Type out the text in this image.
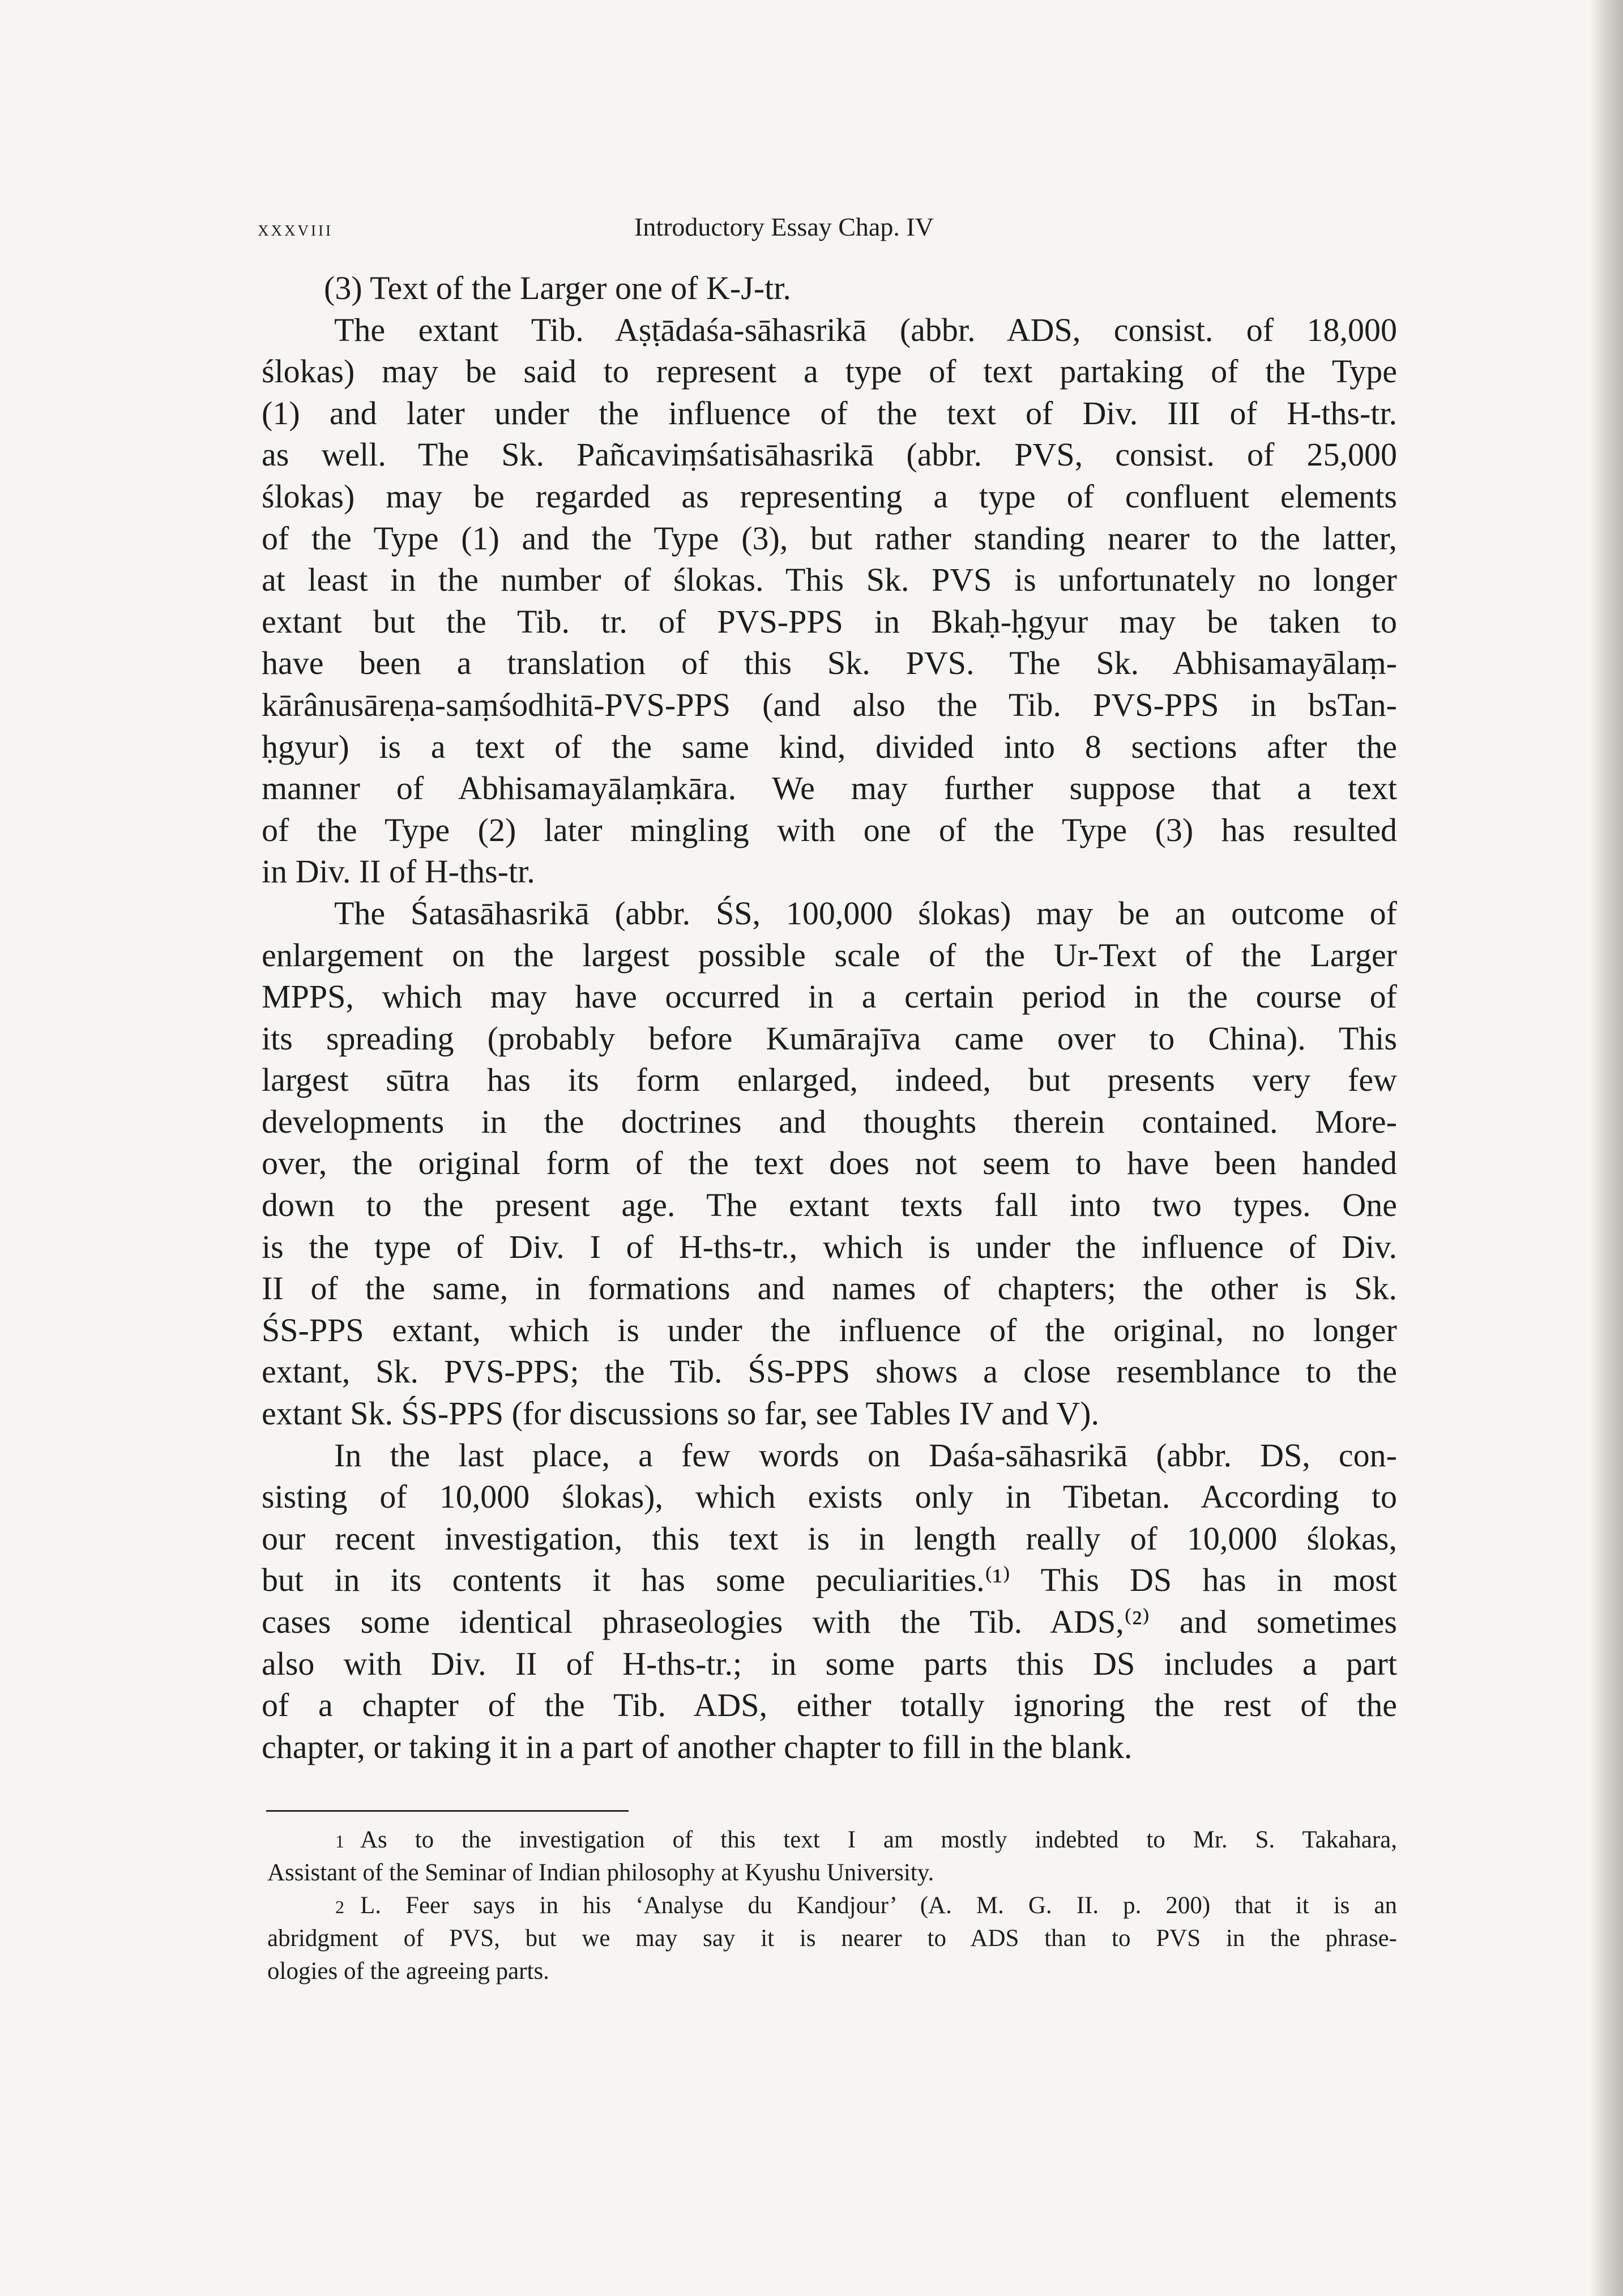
xxxviii	Introductory Essay Chap. IV
(3) Text of the Larger one of K-J-tr.
The extant Tib. Aṣṭādaśa-sāhasrikā (abbr. ADS, consist. of 18,000
ślokas) may be said to represent a type of text partaking of the Type
(1) and later under the influence of the text of Div. III of H-ths-tr.
as well. The Sk. Pañcaviṃśatisāhasrikā (abbr. PVS, consist. of 25,000
ślokas) may be regarded as representing a type of confluent elements
of the Type (1) and the Type (3), but rather standing nearer to the latter,
at least in the number of ślokas. This Sk. PVS is unfortunately no longer
extant but the Tib. tr. of PVS-PPS in Bkaḥ-ḥgyur may be taken to
have been a translation of this Sk. PVS. The Sk. Abhisamayālaṃ-
kārânusāreṇa-saṃśodhitā-PVS-PPS (and also the Tib. PVS-PPS in bsTan-
ḥgyur) is a text of the same kind, divided into 8 sections after the
manner of Abhisamayālaṃkāra. We may further suppose that a text
of the Type (2) later mingling with one of the Type (3) has resulted
in Div. II of H-ths-tr.
The Śatasāhasrikā (abbr. ŚS, 100,000 ślokas) may be an outcome of
enlargement on the largest possible scale of the Ur-Text of the Larger
MPPS, which may have occurred in a certain period in the course of
its spreading (probably before Kumārajīva came over to China). This
largest sūtra has its form enlarged, indeed, but presents very few
developments in the doctrines and thoughts therein contained. More-
over, the original form of the text does not seem to have been handed
down to the present age. The extant texts fall into two types. One
is the type of Div. I of H-ths-tr., which is under the influence of Div.
II of the same, in formations and names of chapters; the other is Sk.
ŚS-PPS extant, which is under the influence of the original, no longer
extant, Sk. PVS-PPS; the Tib. ŚS-PPS shows a close resemblance to the
extant Sk. ŚS-PPS (for discussions so far, see Tables IV and V).
In the last place, a few words on Daśa-sāhasrikā (abbr. DS, con-
sisting of 10,000 ślokas), which exists only in Tibetan. According to
our recent investigation, this text is in length really of 10,000 ślokas,
but in its contents it has some peculiarities.⁽¹⁾ This DS has in most
cases some identical phraseologies with the Tib. ADS,⁽²⁾ and sometimes
also with Div. II of H-ths-tr.; in some parts this DS includes a part
of a chapter of the Tib. ADS, either totally ignoring the rest of the
chapter, or taking it in a part of another chapter to fill in the blank.
1 As to the investigation of this text I am mostly indebted to Mr. S. Takahara,
Assistant of the Seminar of Indian philosophy at Kyushu University.
2 L. Feer says in his ‘Analyse du Kandjour’ (A. M. G. II. p. 200) that it is an
abridgment of PVS, but we may say it is nearer to ADS than to PVS in the phrase-
ologies of the agreeing parts.
